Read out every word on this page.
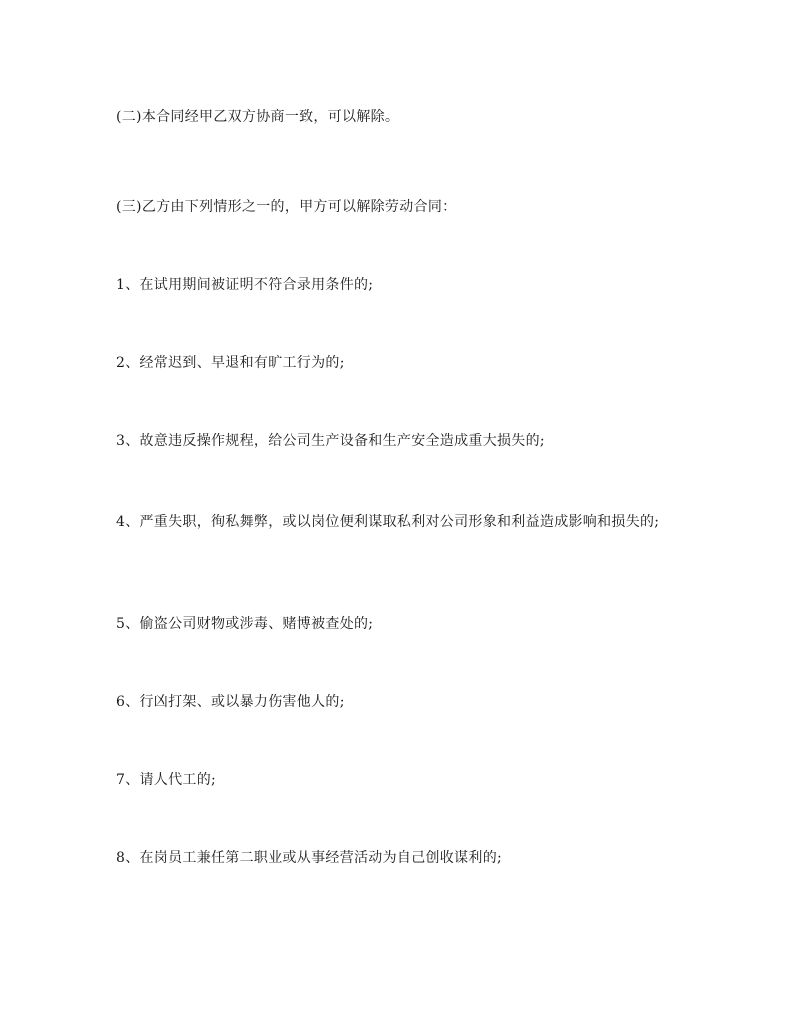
(二)本合同经甲乙双方协商一致，可以解除。

(三)乙方由下列情形之一的，甲方可以解除劳动合同：

1、在试用期间被证明不符合录用条件的;

2、经常迟到、早退和有旷工行为的;

3、故意违反操作规程，给公司生产设备和生产安全造成重大损失的;

4、严重失职，徇私舞弊，或以岗位便利谋取私利对公司形象和利益造成影响和损失的;

5、偷盗公司财物或涉毒、赌博被查处的;

6、行凶打架、或以暴力伤害他人的;

7、请人代工的;

8、在岗员工兼任第二职业或从事经营活动为自己创收谋利的;
